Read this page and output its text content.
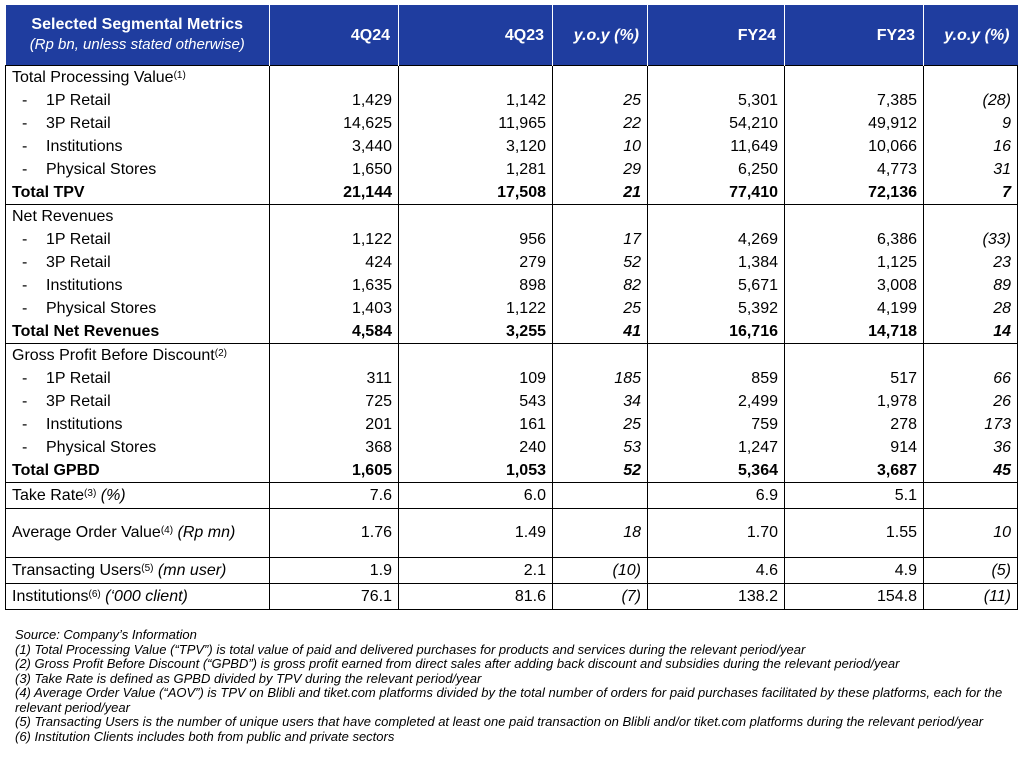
Selected Segmental Metrics
(Rp bn, unless stated otherwise)	4Q24	4Q23	y.o.y (%)	FY24	FY23	y.o.y (%)
Total Processing Value$^{(1)}$						
- 1P Retail	1,429	1,142	25	5,301	7,385	(28)
- 3P Retail	14,625	11,965	22	54,210	49,912	9
- Institutions	3,440	3,120	10	11,649	10,066	16
- Physical Stores	1,650	1,281	29	6,250	4,773	31
Total TPV	21,144	17,508	21	77,410	72,136	7
Net Revenues						
- 1P Retail	1,122	956	17	4,269	6,386	(33)
- 3P Retail	424	279	52	1,384	1,125	23
- Institutions	1,635	898	82	5,671	3,008	89
- Physical Stores	1,403	1,122	25	5,392	4,199	28
Total Net Revenues	4,584	3,255	41	16,716	14,718	14
Gross Profit Before Discount$^{(2)}$						
- 1P Retail	311	109	185	859	517	66
- 3P Retail	725	543	34	2,499	1,978	26
- Institutions	201	161	25	759	278	173
- Physical Stores	368	240	53	1,247	914	36
Total GPBD	1,605	1,053	52	5,364	3,687	45
Take Rate$^{(3)}$ (%)	7.6	6.0		6.9	5.1	
Average Order Value$^{(4)}$ (Rp mn)	1.76	1.49	18	1.70	1.55	10
Transacting Users$^{(5)}$ (mn user)	1.9	2.1	(10)	4.6	4.9	(5)
Institutions$^{(6)}$ (‘000 client)	76.1	81.6	(7)	138.2	154.8	(11)
Source: Company’s Information
(1) Total Processing Value (“TPV”) is total value of paid and delivered purchases for products and services during the relevant period/year
(2) Gross Profit Before Discount (“GPBD”) is gross profit earned from direct sales after adding back discount and subsidies during the relevant period/year
(3) Take Rate is defined as GPBD divided by TPV during the relevant period/year
(4) Average Order Value (“AOV”) is TPV on Blibli and tiket.com platforms divided by the total number of orders for paid purchases facilitated by these platforms, each for the relevant period/year
(5) Transacting Users is the number of unique users that have completed at least one paid transaction on Blibli and/or tiket.com platforms during the relevant period/year
(6) Institution Clients includes both from public and private sectors
